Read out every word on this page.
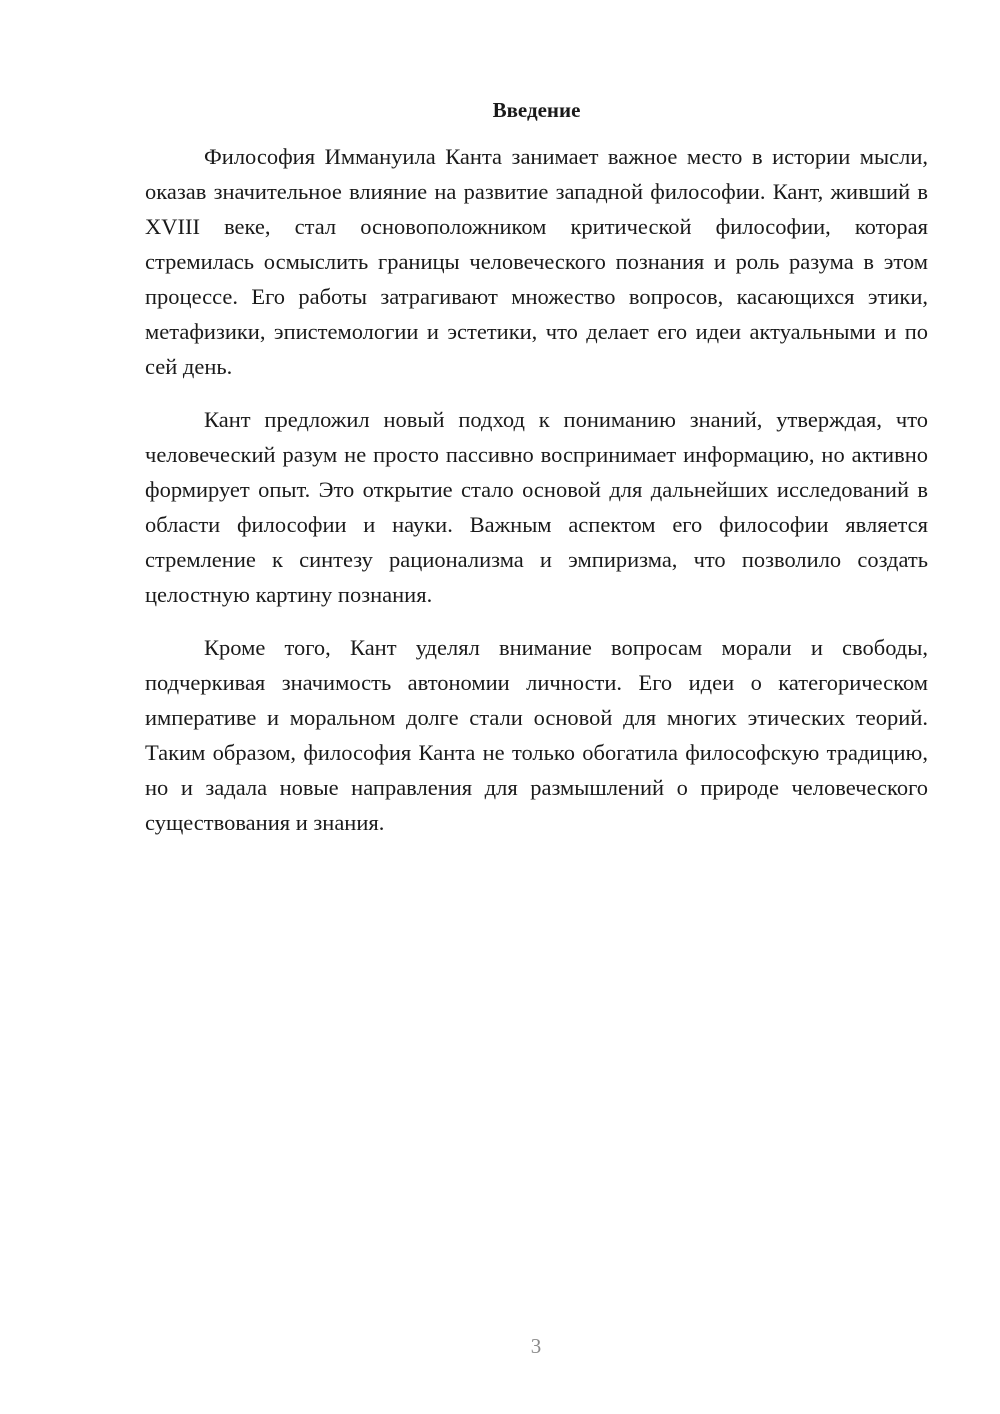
Введение

Философия Иммануила Канта занимает важное место в истории мысли, оказав значительное влияние на развитие западной философии. Кант, живший в XVIII веке, стал основоположником критической философии, которая стремилась осмыслить границы человеческого познания и роль разума в этом процессе. Его работы затрагивают множество вопросов, касающихся этики, метафизики, эпистемологии и эстетики, что делает его идеи актуальными и по сей день.

Кант предложил новый подход к пониманию знаний, утверждая, что человеческий разум не просто пассивно воспринимает информацию, но активно формирует опыт. Это открытие стало основой для дальнейших исследований в области философии и науки. Важным аспектом его философии является стремление к синтезу рационализма и эмпиризма, что позволило создать целостную картину познания.

Кроме того, Кант уделял внимание вопросам морали и свободы, подчеркивая значимость автономии личности. Его идеи о категорическом императиве и моральном долге стали основой для многих этических теорий. Таким образом, философия Канта не только обогатила философскую традицию, но и задала новые направления для размышлений о природе человеческого существования и знания.

3
